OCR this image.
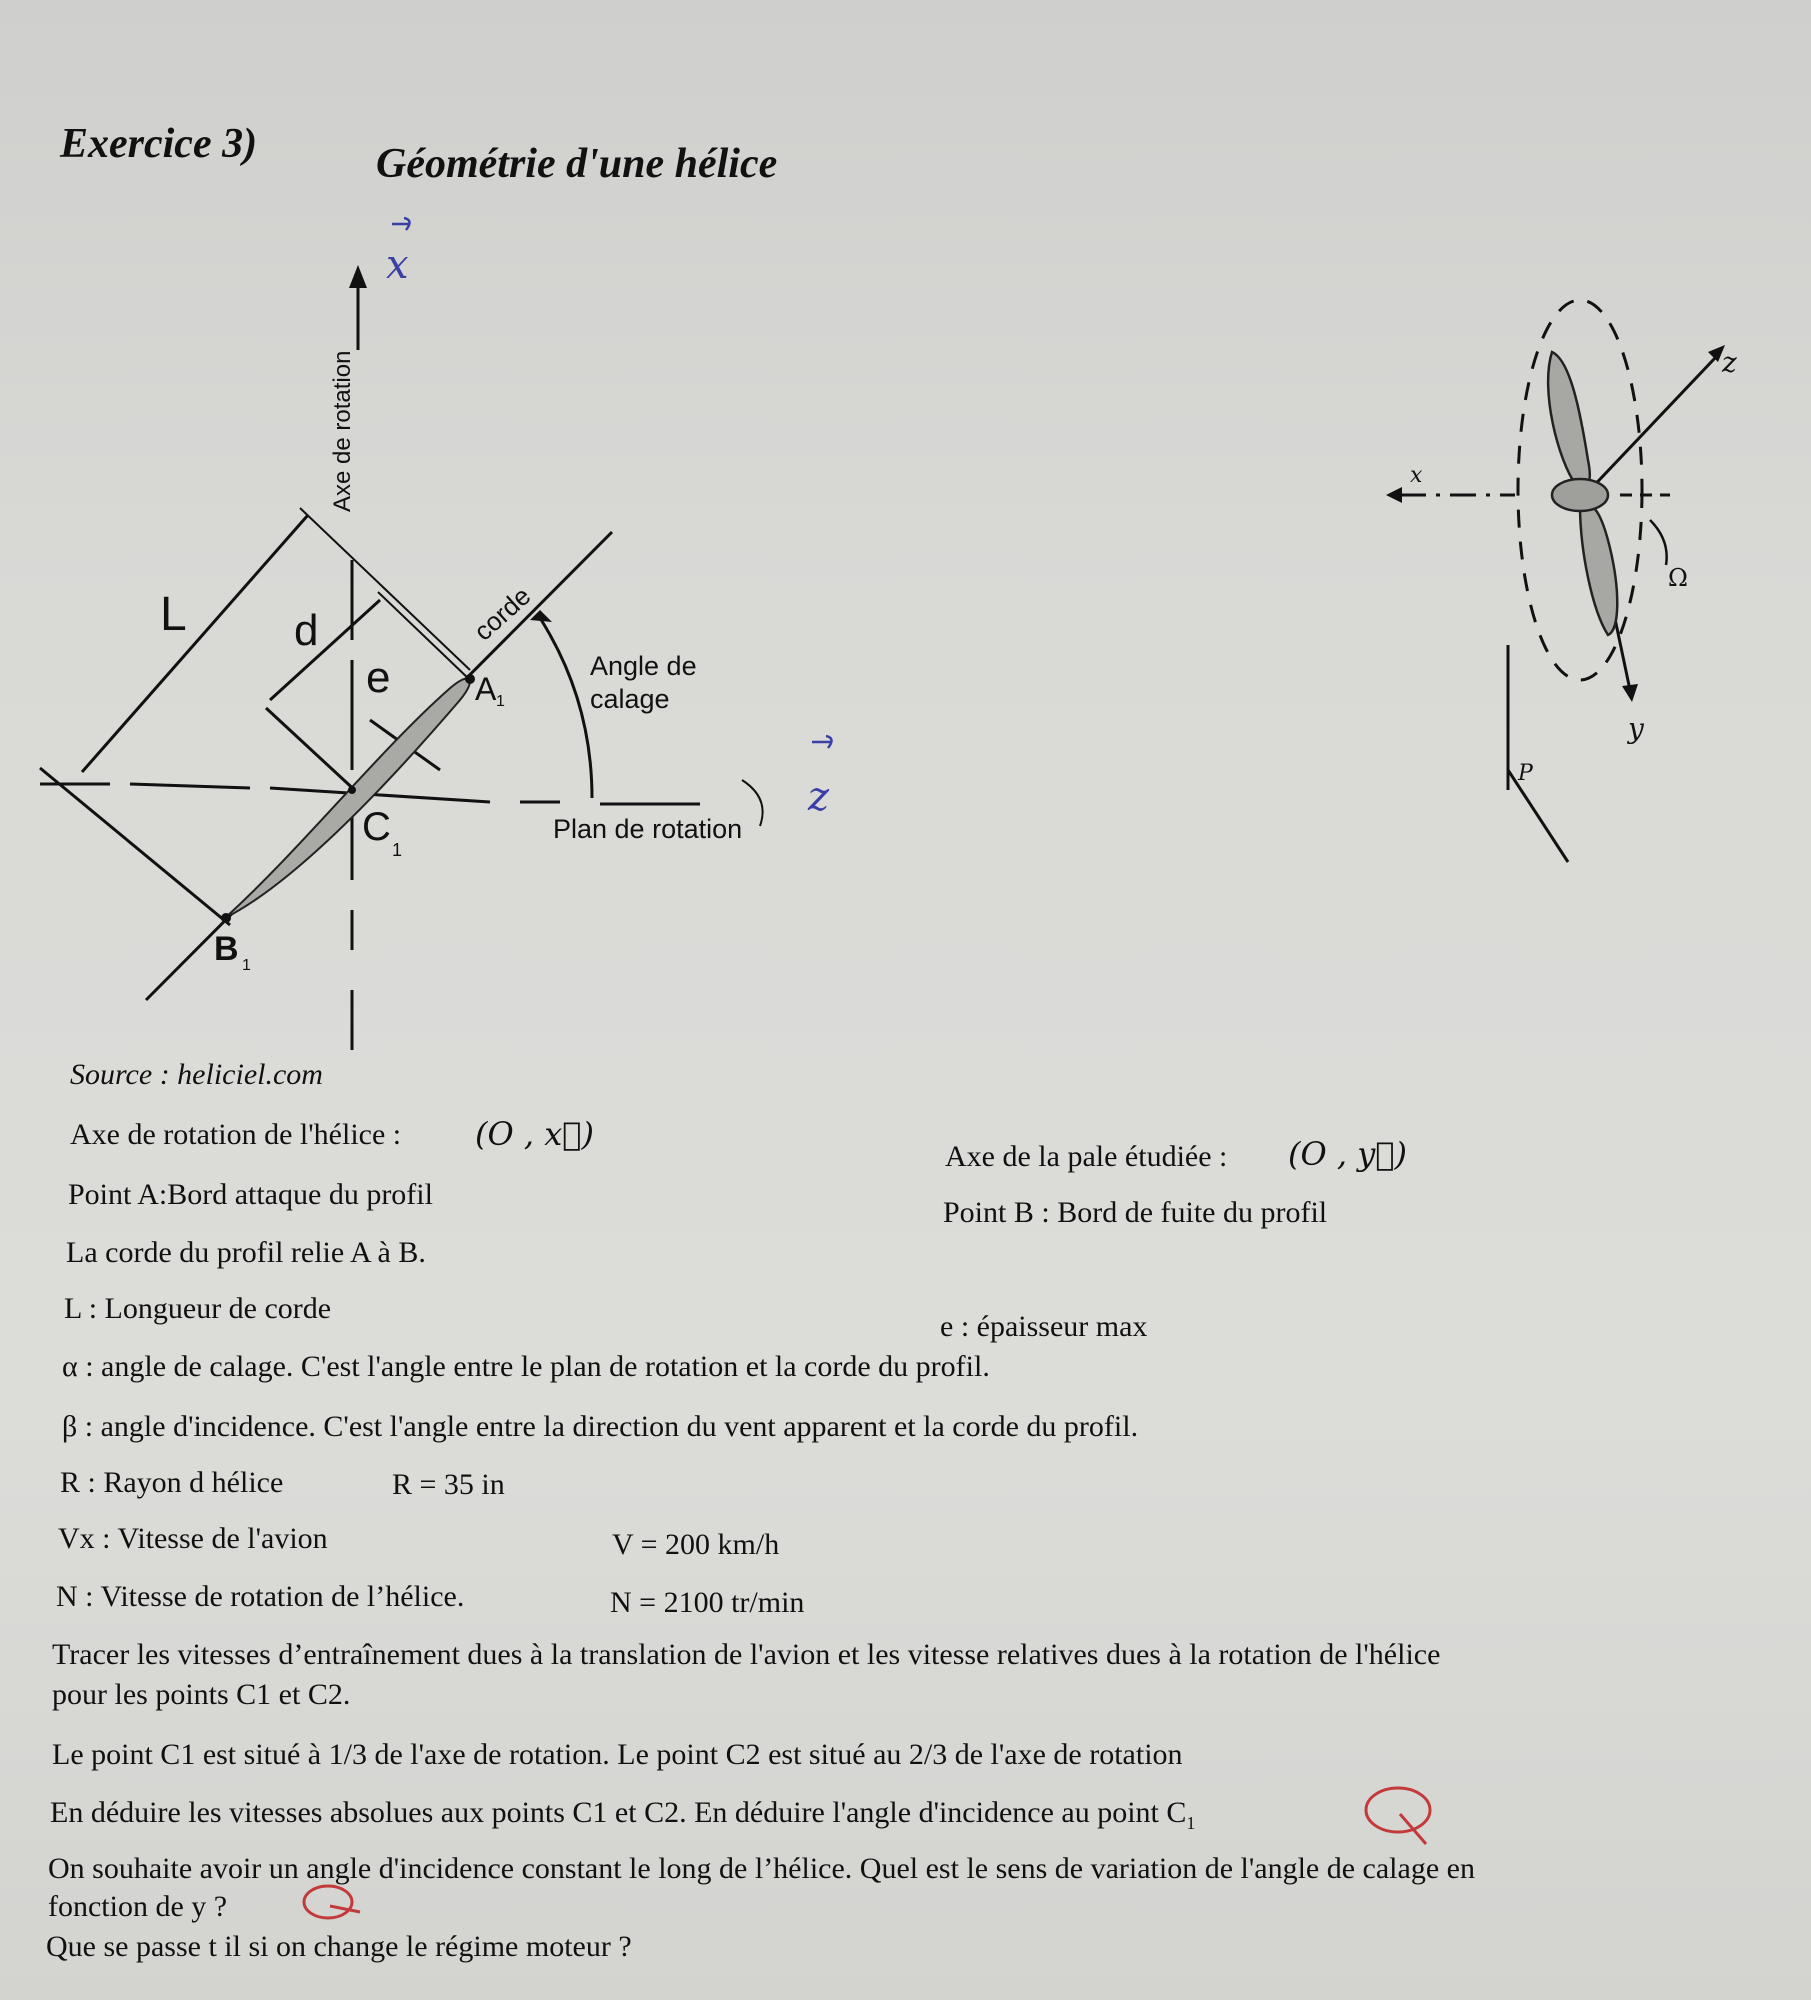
Exercice 3)	Géométrie d'une hélice
Axe de rotation
L d
e
corde
A 1
Angle de
calage
C
1
Plan de rotation
B 1
x
z
x
z
y
Ω
P
Source : heliciel.com
Axe de rotation de l'hélice : (O , x⃗)
Axe de la pale étudiée : (O , y⃗)
Point A:Bord attaque du profil
Point B : Bord de fuite du profil
La corde du profil relie A à B.
L : Longueur de corde
e : épaisseur max
α : angle de calage. C'est l'angle entre le plan de rotation et la corde du profil.
β : angle d'incidence. C'est l'angle entre la direction du vent apparent et la corde du profil.
R : Rayon d hélice	R = 35 in
Vx : Vitesse de l'avion	V = 200 km/h
N : Vitesse de rotation de l’hélice.	N = 2100 tr/min
Tracer les vitesses d’entraînement dues à la translation de l'avion et les vitesse relatives dues à la rotation de l'hélice
pour les points C1 et C2.
Le point C1 est situé à 1/3 de l'axe de rotation. Le point C2 est situé au 2/3 de l'axe de rotation
En déduire les vitesses absolues aux points C1 et C2. En déduire l'angle d'incidence au point $C_1$
On souhaite avoir un angle d'incidence constant le long de l’hélice. Quel est le sens de variation de l'angle de calage en
fonction de y ?
Que se passe t il si on change le régime moteur ?
